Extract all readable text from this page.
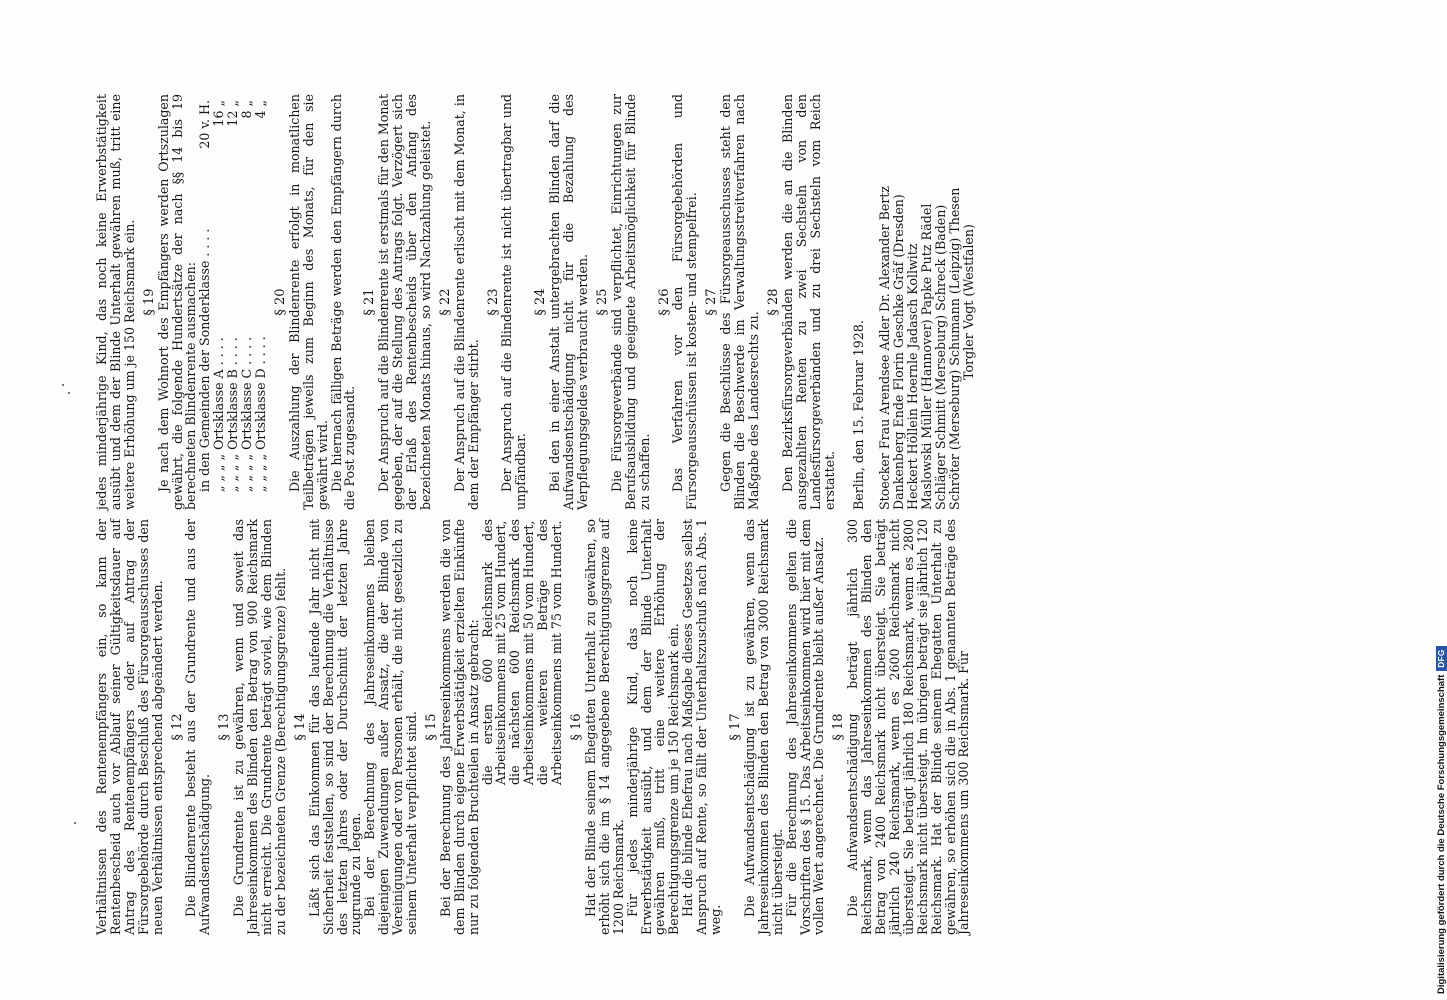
Verhältnissen des Rentenempfängers ein, so kann der Rentenbescheid auch vor Ablauf seiner Gültigkeitsdauer auf Antrag des Rentenempfängers oder auf Antrag der Fürsorgebehörde durch Beschluß des Fürsorgeausschusses den neuen Verhältnissen entsprechend abgeändert werden. § 12

Die Blindenrente besteht aus der Grundrente und aus der Aufwandsentschädigung.

§ 13

Die Grundrente ist zu gewähren, wenn und soweit das Jahreseinkommen des Blinden den Betrag von 900 Reichsmark nicht erreicht. Die Grundrente beträgt soviel, wie dem Blinden zu der bezeichneten Grenze (Berechtigungsgrenze) fehlt. § 14

Läßt sich das Einkommen für das laufende Jahr nicht mit Sicherheit feststellen, so sind der Berechnung die Verhältnisse des letzten Jahres oder der Durchschnitt der letzten Jahre zugrunde zu legen.

Bei der Berechnung des Jahreseinkommens bleiben diejenigen Zuwendungen außer Ansatz, die der Blinde von Vereinigungen oder von Personen erhält, die nicht gesetzlich zu seinem Unterhalt verpflichtet sind. § 15

Bei der Berechnung des Jahreseinkommens werden die von dem Blinden durch eigene Erwerbstätigkeit erzielten Einkünfte nur zu folgenden Bruchteilen in Ansatz gebracht:

die ersten 600 Reichsmark des Arbeitseinkommens mit 25 vom Hundert,

die nächsten 600 Reichsmark des Arbeitseinkommens mit 50 vom Hundert,

die weiteren Beträge des Arbeitseinkommens mit 75 vom Hundert. § 16

Hat der Blinde seinem Ehegatten Unterhalt zu gewähren, so erhöht sich die im § 14 angegebene Berechtigungsgrenze auf 1200 Reichsmark.

Für jedes minderjährige Kind, das noch keine Erwerbstätigkeit ausübt, und dem der Blinde Unterhalt gewähren muß, tritt eine weitere Erhöhung der Berechtigungsgrenze um je 150 Reichsmark ein.

Hat die blinde Ehefrau nach Maßgabe dieses Gesetzes selbst Anspruch auf Rente, so fällt der Unterhaltszuschuß nach Abs. 1 weg.

§ 17

Die Aufwandsentschädigung ist zu gewähren, wenn das Jahreseinkommen des Blinden den Betrag von 3000 Reichsmark nicht übersteigt.

Für die Berechnung des Jahreseinkommens gelten die Vorschriften des § 15. Das Arbeitseinkommen wird hier mit dem vollen Wert angerechnet. Die Grundrente bleibt außer Ansatz. § 18

Die Aufwandsentschädigung beträgt jährlich 300 Reichsmark, wenn das Jahreseinkommen des Blinden den Betrag von 2400 Reichsmark nicht übersteigt. Sie beträgt jährlich 240 Reichsmark, wenn es 2600 Reichsmark nicht übersteigt. Sie beträgt jährlich 180 Reichsmark, wenn es 2800 Reichsmark nicht übersteigt. Im übrigen beträgt sie jährlich 120 Reichsmark. Hat der Blinde seinem Ehegatten Unterhalt zu gewähren, so erhöhen sich die in Abs. 1 genannten Beträge des Jahreseinkommens um 300 Reichsmark. Für

jedes minderjährige Kind, das noch keine Erwerbstätigkeit ausübt und dem der Blinde Unterhalt gewähren muß, tritt eine weitere Erhöhung um je 150 Reichsmark ein. § 19

Je nach dem Wohnort des Empfängers werden Ortszulagen gewährt, die folgende Hundertsätze der nach §§ 14 bis 19 berechneten Blindenrente ausmachen:

in den Gemeinden der Sonderklasse . . . .
20 v. H.
„ „ „ „ Ortsklasse A . . . .
16 „
„ „ „ „ Ortsklasse B . . . .
12 „
„ „ „ „ Ortsklasse C . . . .
8 „
„ „ „ „ Ortsklasse D . . . .
4 „
§ 20

Die Auszahlung der Blindenrente erfolgt in monatlichen Teilbeträgen jeweils zum Beginn des Monats, für den sie gewährt wird.

Die hiernach fälligen Beträge werden den Empfängern durch die Post zugesandt.

§ 21

Der Anspruch auf die Blindenrente ist erstmals für den Monat gegeben, der auf die Stellung des Antrags folgt. Verzögert sich der Erlaß des Rentenbescheids über den Anfang des bezeichneten Monats hinaus, so wird Nachzahlung geleistet. § 22

Der Anspruch auf die Blindenrente erlischt mit dem Monat, in dem der Empfänger stirbt.

§ 23

Der Anspruch auf die Blindenrente ist nicht übertragbar und unpfändbar.

§ 24

Bei den in einer Anstalt untergebrachten Blinden darf die Aufwandsentschädigung nicht für die Bezahlung des Verpflegungsgeldes verbraucht werden. § 25

Die Fürsorgeverbände sind verpflichtet, Einrichtungen zur Berufsausbildung und geeignete Arbeitsmöglichkeit für Blinde zu schaffen.

§ 26

Das Verfahren vor den Fürsorgebehörden und Fürsorgeausschüssen ist kosten- und stempelfrei. § 27

Gegen die Beschlüsse des Fürsorgeausschusses steht den Blinden die Beschwerde im Verwaltungsstreitverfahren nach Maßgabe des Landesrechts zu.

§ 28

Den Bezirksfürsorgeverbänden werden die an die Blinden ausgezahlten Renten zu zwei Sechsteln von den Landesfürsorgeverbänden und zu drei Sechsteln vom Reich erstattet. Berlin, den 15. Februar 1928. Stoecker Frau Arendsee Adler Dr. Alexander Bertz

Dankenberg Ende Florin Geschke Gräf (Dresden)

Heckert Höllein Hoernle Jadasch Kollwitz

Maslowski Müller (Hannover) Papke Putz Rädel

Schläger Schmitt (Merseburg) Schreck (Baden)

Schröter (Merseburg) Schumann (Leipzig) Thesen

Torgler Vogt (Westfalen)

Digitalisierung gefördert durch die Deutsche Forschungsgemeinschaft
DFG
